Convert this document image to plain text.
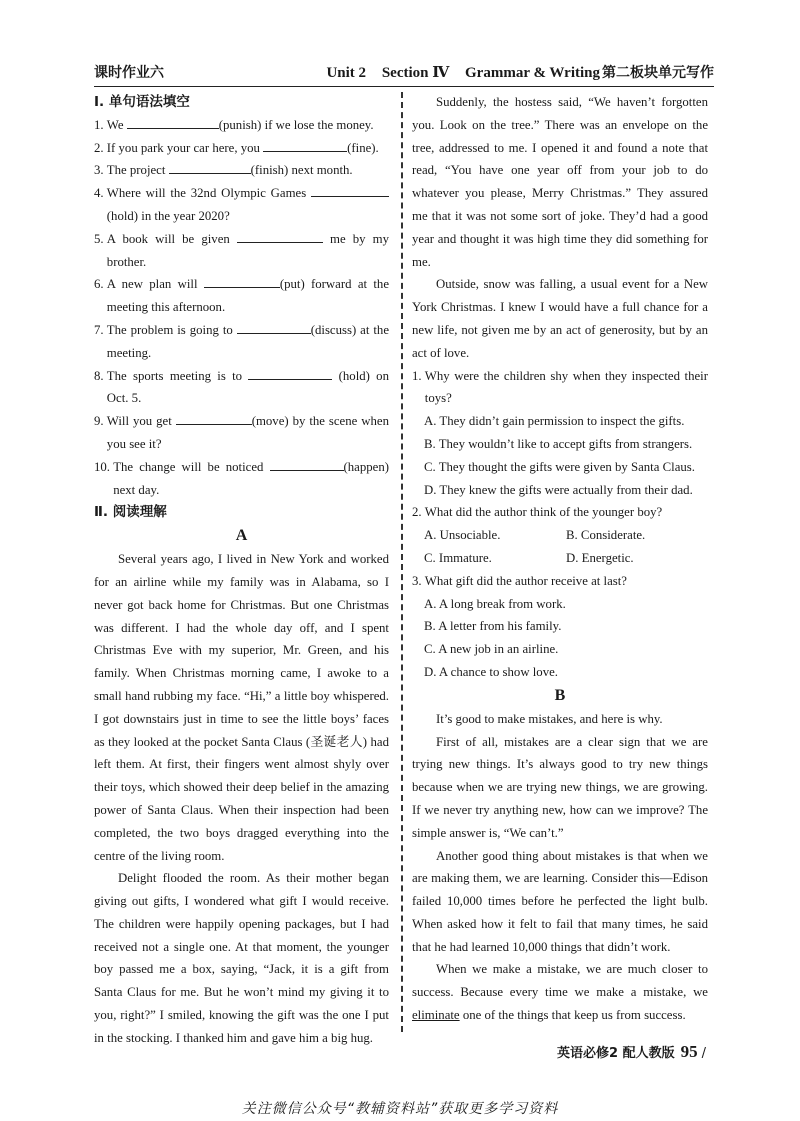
课时作业六	Unit 2 Section Ⅳ Grammar & Writing 第二板块单元写作
Ⅰ. 单句语法填空
1. We	(punish) if we lose the money.
2. If you park your car here, you	(fine).
3. The project	(finish) next month.
4. Where will the 32nd Olympic Games (hold) in the year 2020?
5. A book will be given	me by my brother.
6. A new plan will	(put) forward at the meeting this afternoon.
7. The problem is going to	(discuss) at the meeting.
8. The sports meeting is to	(hold) on Oct. 5.
9. Will you get	(move) by the scene when you see it?
10. The change will be noticed	(happen) next day.
Ⅱ. 阅读理解
A

Several years ago, I lived in New York and worked for an airline while my family was in Alabama, so I never got back home for Christmas. But one Christmas was different. I had the whole day off, and I spent Christmas Eve with my superior, Mr. Green, and his family. When Christmas morning came, I awoke to a small hand rubbing my face. “Hi,” a little boy whispered. I got downstairs just in time to see the little boys’ faces as they looked at the pocket Santa Claus (圣诞老人) had left them. At first, their fingers went almost shyly over their toys, which showed their deep belief in the amazing power of Santa Claus. When their inspection had been completed, the two boys dragged everything into the centre of the living room.

Delight flooded the room. As their mother began giving out gifts, I wondered what gift I would receive. The children were happily opening packages, but I had received not a single one. At that moment, the younger boy passed me a box, saying, “Jack, it is a gift from Santa Claus for me. But he won’t mind my giving it to you, right?” I smiled, knowing the gift was the one I put in the stocking. I thanked him and gave him a big hug.

Suddenly, the hostess said, “We haven’t forgotten you. Look on the tree.” There was an envelope on the tree, addressed to me. I opened it and found a note that read, “You have one year off from your job to do whatever you please, Merry Christmas.” They assured me that it was not some sort of joke. They’d had a good year and thought it was high time they did something for me.

Outside, snow was falling, a usual event for a New York Christmas. I knew I would have a full chance for a new life, not given me by an act of generosity, but by an act of love.

1. Why were the children shy when they inspected their toys?
A. They didn’t gain permission to inspect the gifts.
B. They wouldn’t like to accept gifts from strangers.
C. They thought the gifts were given by Santa Claus.
D. They knew the gifts were actually from their dad.
2. What did the author think of the younger boy?
A. Unsociable.	B. Considerate.
C. Immature.	D. Energetic.
3. What gift did the author receive at last?
A. A long break from work.
B. A letter from his family.
C. A new job in an airline.
D. A chance to show love.
B

It’s good to make mistakes, and here is why.

First of all, mistakes are a clear sign that we are trying new things. It’s always good to try new things because when we are trying new things, we are growing. If we never try anything new, how can we improve? The simple answer is, “We can’t.”

Another good thing about mistakes is that when we are making them, we are learning. Consider this—Edison failed 10,000 times before he perfected the light bulb. When asked how it felt to fail that many times, he said that he had learned 10,000 things that didn’t work.

When we make a mistake, we are much closer to success. Because every time we make a mistake, we eliminate one of the things that keep us from success.

英语必修2 配人教版 95 /
关注微信公众号“教辅资料站”获取更多学习资料
